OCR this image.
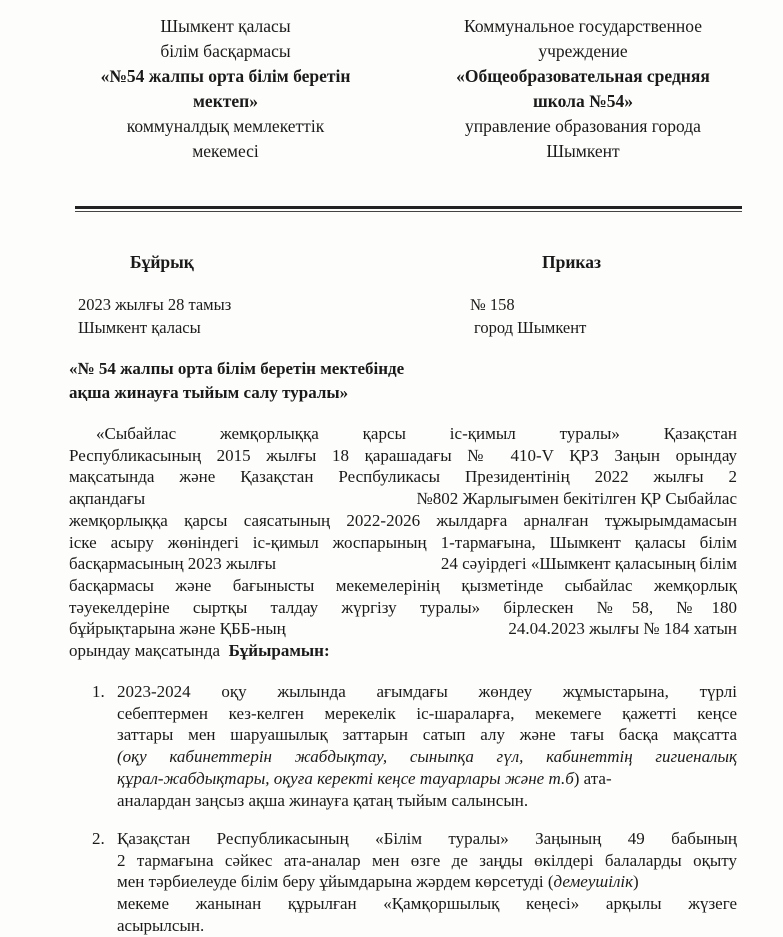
Шымкент қаласы
білім басқармасы
«№54 жалпы орта білім беретін
мектеп»
коммуналдық мемлекеттік
мекемесі
Коммунальное государственное
учреждение
«Общеобразовательная средняя
школа №54»
управление образования города
Шымкент
Бұйрық	Приказ
2023 жылғы 28 тамыз	№ 158
Шымкент қаласы	город Шымкент
«№ 54 жалпы орта білім беретін мектебінде
ақша жинауға тыйым салу туралы»
«Сыбайлас жемқорлыққа қарсы іс-қимыл туралы» Қазақстан
Республикасының 2015 жылғы 18 қарашадағы № 410-V ҚРЗ Заңын орындау
мақсатында және Қазақстан Респбуликасы Президентінің 2022 жылғы 2
ақпандағы	№802 Жарлығымен бекітілген ҚР Сыбайлас
жемқорлыққа қарсы саясатының 2022-2026 жылдарға арналған тұжырымдамасын
іске асыру жөніндегі іс-қимыл жоспарының 1-тармағына, Шымкент қаласы білім
басқармасының 2023 жылғы	24 сәуірдегі «Шымкент қаласының білім
басқармасы және бағынысты мекемелерінің қызметінде сыбайлас жемқорлық
тәуекелдеріне сыртқы талдау жүргізу туралы» бірлескен №58, №180
бұйрықтарына және ҚББ-ның	24.04.2023 жылғы № 184 хатын
орындау мақсатында Бұйырамын:
1. 2023-2024 оқу жылында ағымдағы жөндеу жұмыстарына, түрлі
себептермен кез-келген мерекелік іс-шараларға, мекемеге қажетті кеңсе
заттары мен шаруашылық заттарын сатып алу және тағы басқа мақсатта
(оқу кабинеттерін жабдықтау, сыныпқа гүл, кабинеттің гигиеналық
құрал-жабдықтары, оқуға керекті кеңсе тауарлары және т.б) ата-
аналардан заңсыз ақша жинауға қатаң тыйым салынсын.
2. Қазақстан Республикасының «Білім туралы» Заңының 49 бабының
2 тармағына сәйкес ата-аналар мен өзге де заңды өкілдері балаларды оқыту
мен тәрбиелеуде білім беру ұйымдарына жәрдем көрсетуді (демеушілік)
мекеме жанынан құрылған «Қамқоршылық кеңесі» арқылы жүзеге
асырылсын.
